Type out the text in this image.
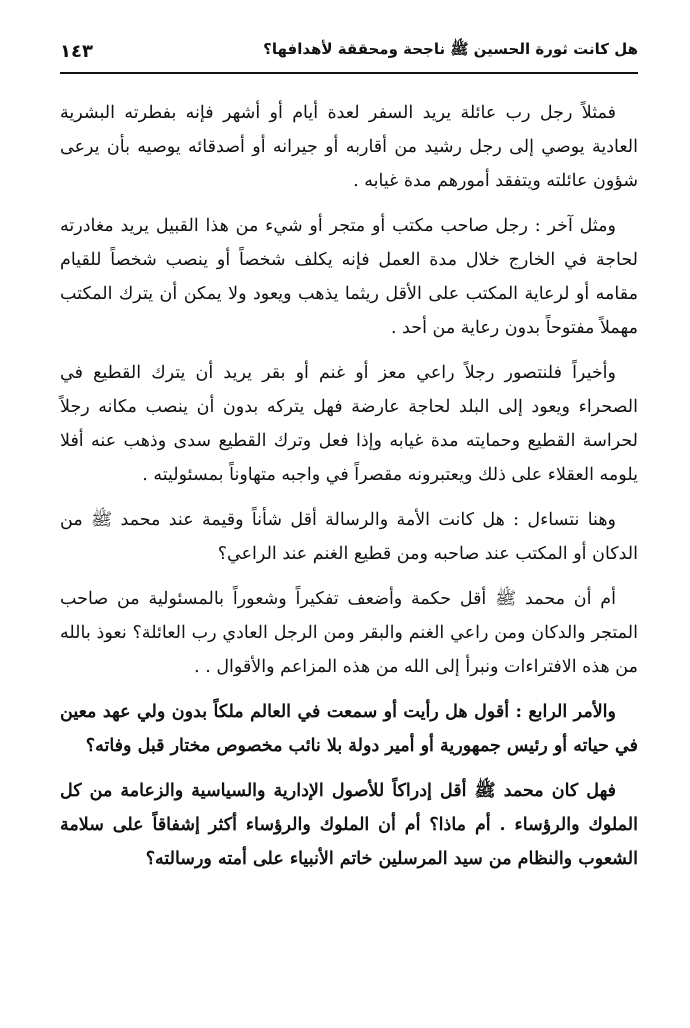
هل كانت ثورة الحسين ﷺ ناجحة ومحققة لأهدافها؟
١٤٣

فمثلاً رجل رب عائلة يريد السفر لعدة أيام أو أشهر فإنه بفطرته البشرية العادية يوصي إلى رجل رشيد من أقاربه أو جيرانه أو أصدقائه يوصيه بأن يرعى شؤون عائلته ويتفقد أمورهم مدة غيابه .

ومثل آخر : رجل صاحب مكتب أو متجر أو شيء من هذا القبيل يريد مغادرته لحاجة في الخارج خلال مدة العمل فإنه يكلف شخصاً أو ينصب شخصاً للقيام مقامه أو لرعاية المكتب على الأقل ريثما يذهب ويعود ولا يمكن أن يترك المكتب مهملاً مفتوحاً بدون رعاية من أحد .

وأخيراً فلنتصور رجلاً راعي معز أو غنم أو بقر يريد أن يترك القطيع في الصحراء ويعود إلى البلد لحاجة عارضة فهل يتركه بدون أن ينصب مكانه رجلاً لحراسة القطيع وحمايته مدة غيابه وإذا فعل وترك القطيع سدى وذهب عنه أفلا يلومه العقلاء على ذلك ويعتبرونه مقصراً في واجبه متهاوناً بمسئوليته .

وهنا نتساءل : هل كانت الأمة والرسالة أقل شأناً وقيمة عند محمد ﷺ من الدكان أو المكتب عند صاحبه ومن قطيع الغنم عند الراعي؟

أم أن محمد ﷺ أقل حكمة وأضعف تفكيراً وشعوراً بالمسئولية من صاحب المتجر والدكان ومن راعي الغنم والبقر ومن الرجل العادي رب العائلة؟ نعوذ بالله من هذه الافتراءات ونبرأ إلى الله من هذه المزاعم والأقوال . .

والأمر الرابع : أقول هل رأيت أو سمعت في العالم ملكاً بدون ولي عهد معين في حياته أو رئيس جمهورية أو أمير دولة بلا نائب مخصوص مختار قبل وفاته؟

فهل كان محمد ﷺ أقل إدراكاً للأصول الإدارية والسياسية والزعامة من كل الملوك والرؤساء . أم ماذا؟ أم أن الملوك والرؤساء أكثر إشفاقاً على سلامة الشعوب والنظام من سيد المرسلين خاتم الأنبياء على أمته ورسالته؟
